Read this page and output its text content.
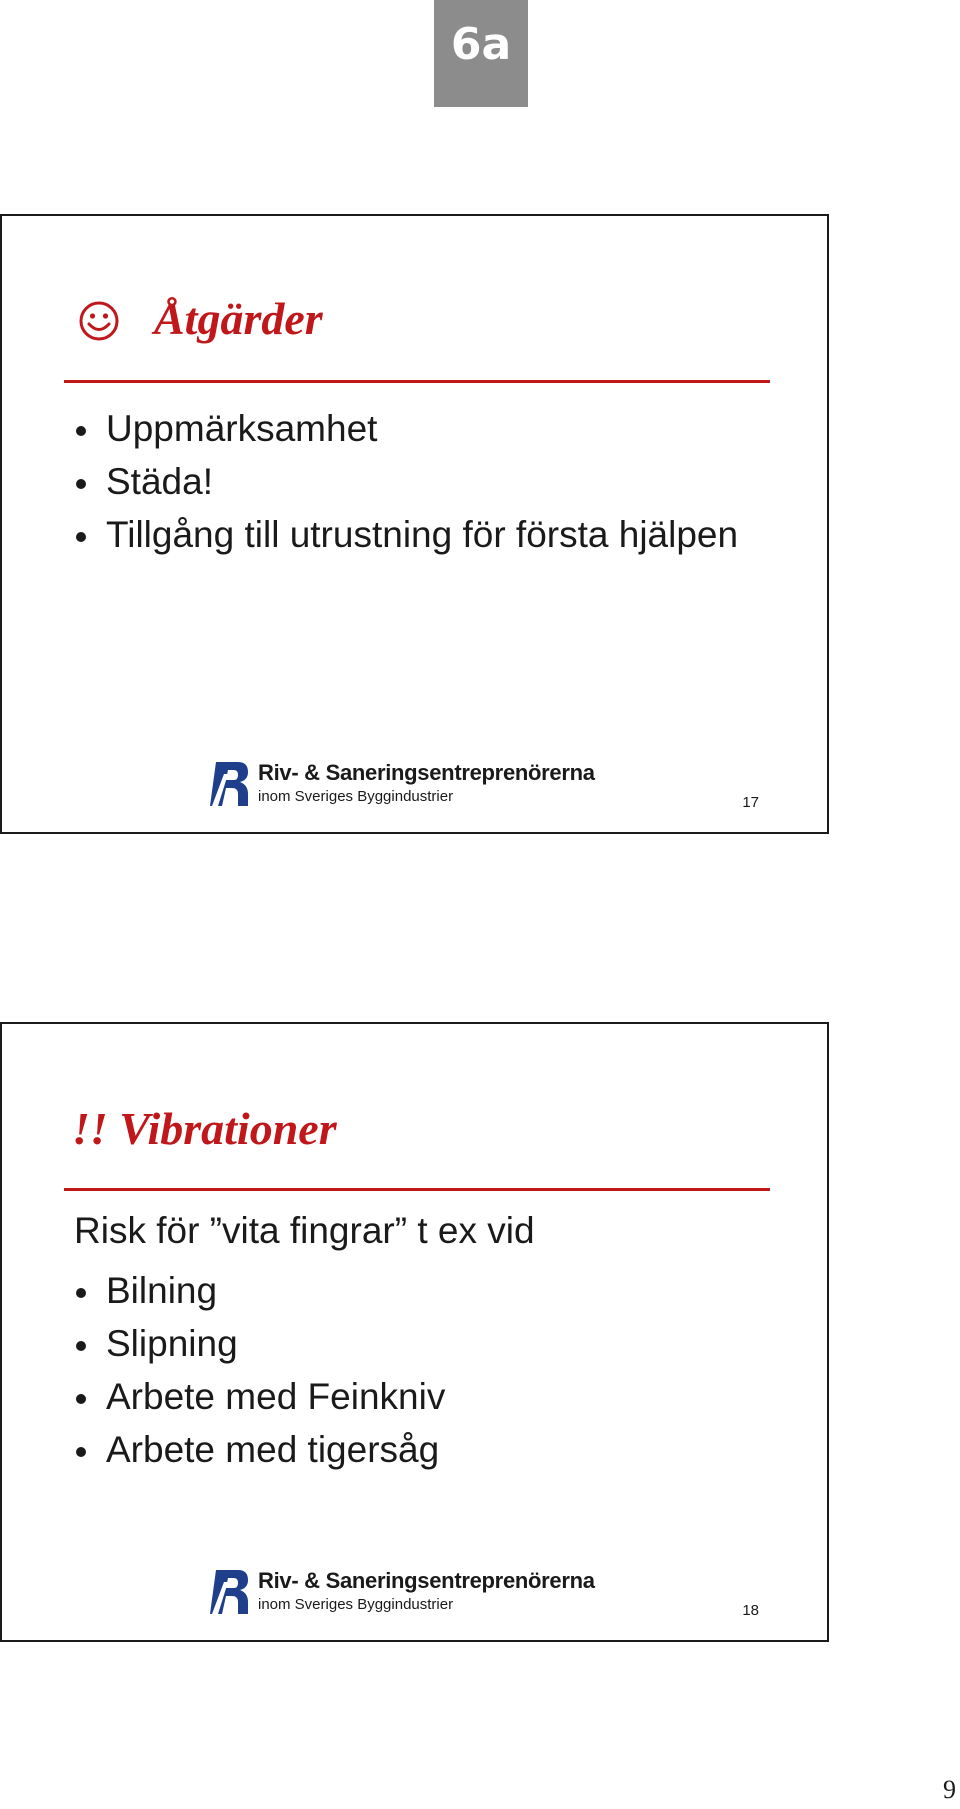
6a
Åtgärder
Uppmärksamhet
Städa!
Tillgång till utrustning för första hjälpen
Riv- & Saneringsentreprenörerna
inom Sveriges Byggindustrier	17
!! Vibrationer
Risk för ”vita fingrar” t ex vid
Bilning
Slipning
Arbete med Feinkniv
Arbete med tigersåg
Riv- & Saneringsentreprenörerna
inom Sveriges Byggindustrier	18
9
